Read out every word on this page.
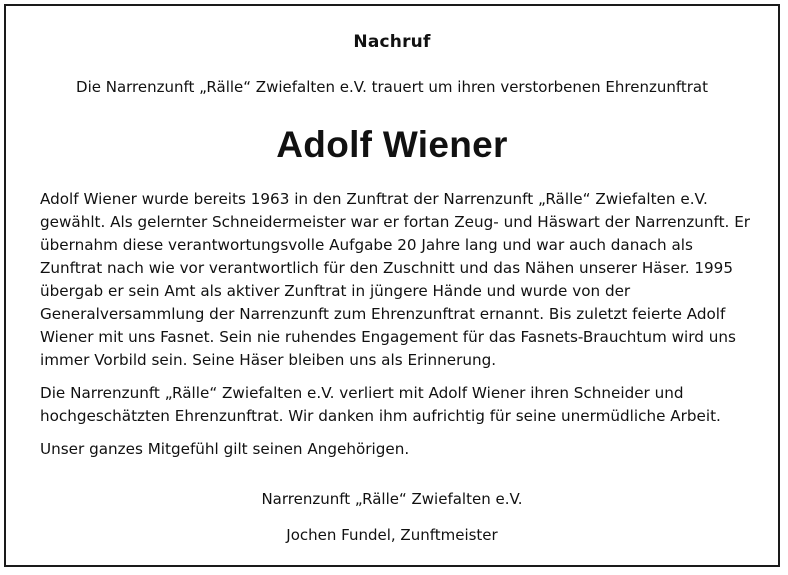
Nachruf
Die Narrenzunft „Rälle“ Zwiefalten e.V. trauert um ihren verstorbenen Ehrenzunftrat
Adolf Wiener

Adolf Wiener wurde bereits 1963 in den Zunftrat der Narrenzunft „Rälle“ Zwiefalten e.V. gewählt. Als gelernter Schneidermeister war er fortan Zeug- und Häswart der Narrenzunft. Er übernahm diese verantwortungsvolle Aufgabe 20 Jahre lang und war auch danach als Zunftrat nach wie vor verantwortlich für den Zuschnitt und das Nähen unserer Häser. 1995 übergab er sein Amt als aktiver Zunftrat in jüngere Hände und wurde von der Generalversammlung der Narrenzunft zum Ehrenzunftrat ernannt. Bis zuletzt feierte Adolf Wiener mit uns Fasnet. Sein nie ruhendes Engagement für das Fasnets-Brauchtum wird uns immer Vorbild sein. Seine Häser bleiben uns als Erinnerung.

Die Narrenzunft „Rälle“ Zwiefalten e.V. verliert mit Adolf Wiener ihren Schneider und hochgeschätzten Ehrenzunftrat. Wir danken ihm aufrichtig für seine unermüdliche Arbeit.

Unser ganzes Mitgefühl gilt seinen Angehörigen.

Narrenzunft „Rälle“ Zwiefalten e.V.
Jochen Fundel, Zunftmeister
